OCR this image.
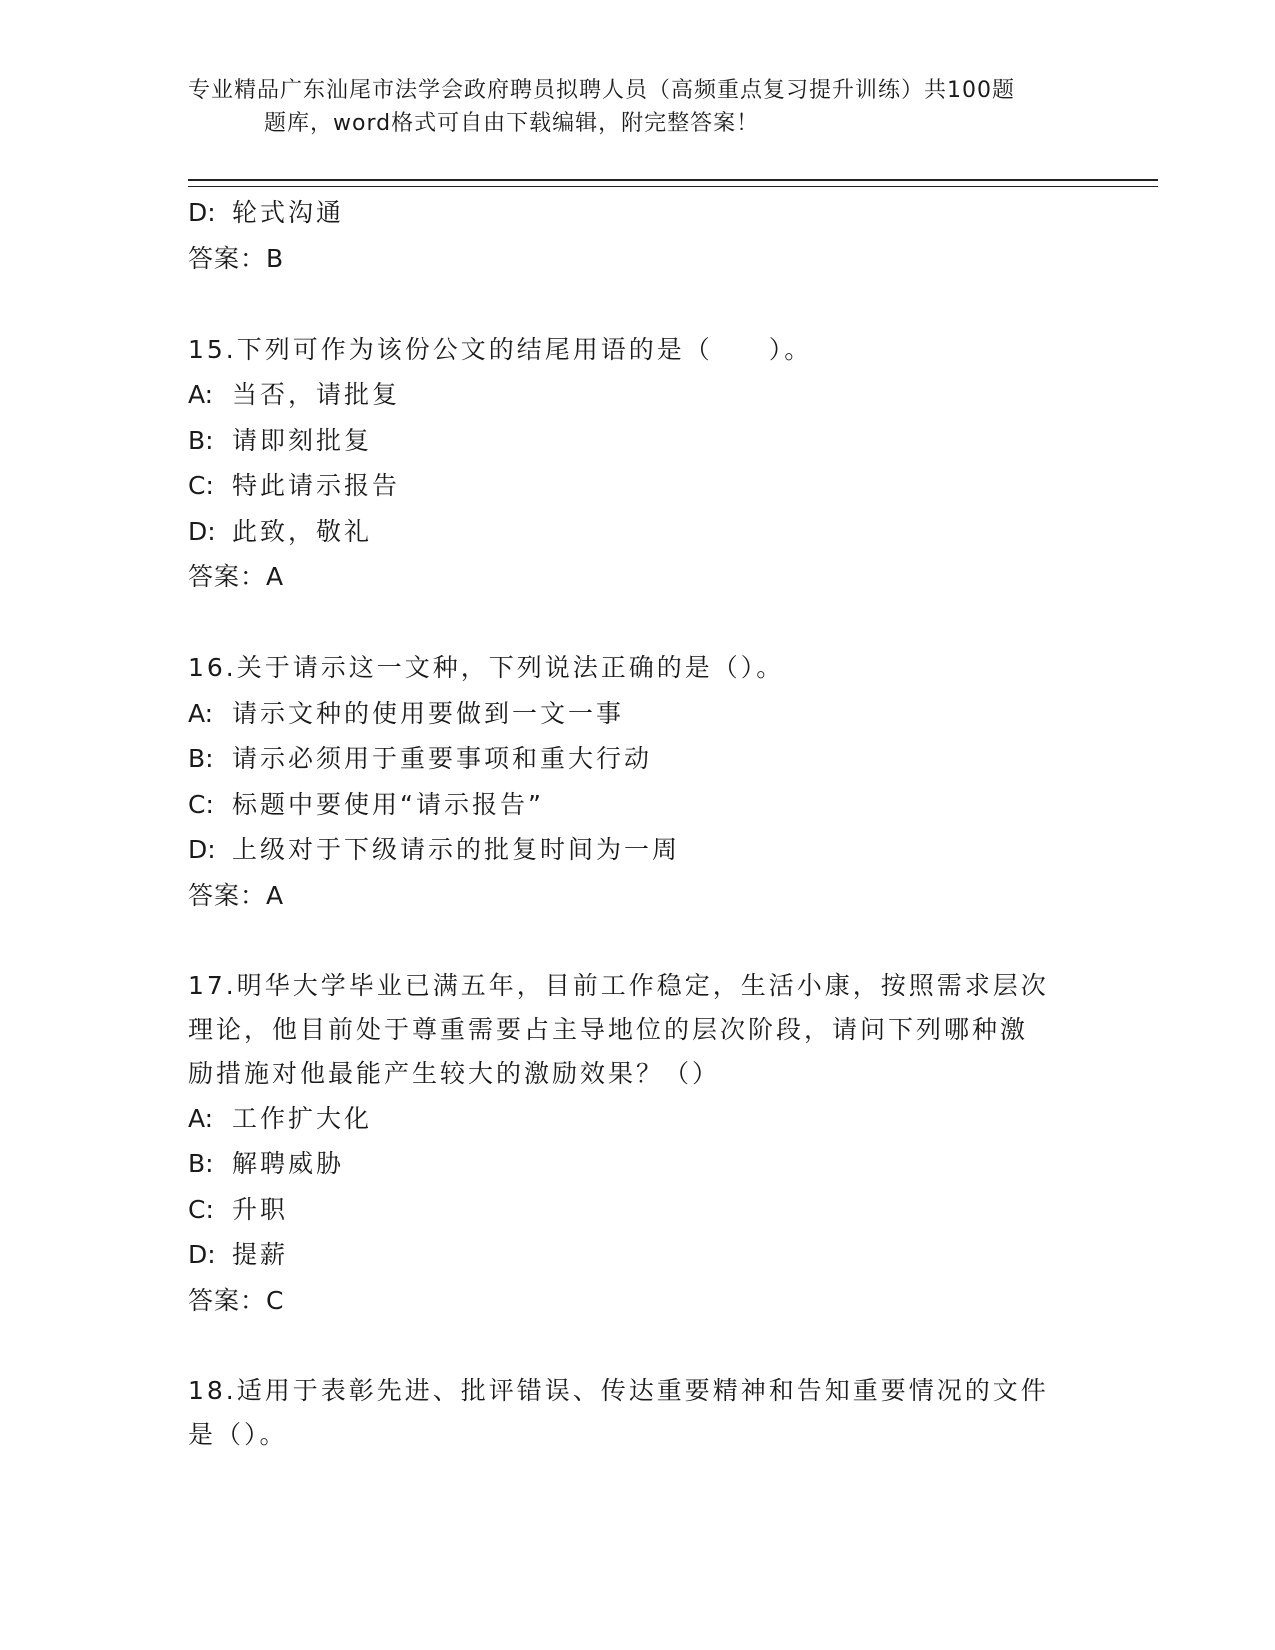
专业精品广东汕尾市法学会政府聘员拟聘人员（高频重点复习提升训练）共100题
题库，word格式可自由下载编辑，附完整答案！
D: 轮式沟通
答案：B
15.下列可作为该份公文的结尾用语的是（　　）。
A: 当否，请批复
B: 请即刻批复
C: 特此请示报告
D: 此致，敬礼
答案：A
16.关于请示这一文种，下列说法正确的是（）。
A: 请示文种的使用要做到一文一事
B: 请示必须用于重要事项和重大行动
C: 标题中要使用“请示报告”
D: 上级对于下级请示的批复时间为一周
答案：A
17.明华大学毕业已满五年，目前工作稳定，生活小康，按照需求层次
理论，他目前处于尊重需要占主导地位的层次阶段，请问下列哪种激
励措施对他最能产生较大的激励效果？（）
A: 工作扩大化
B: 解聘威胁
C: 升职
D: 提薪
答案：C
18.适用于表彰先进、批评错误、传达重要精神和告知重要情况的文件
是（）。
